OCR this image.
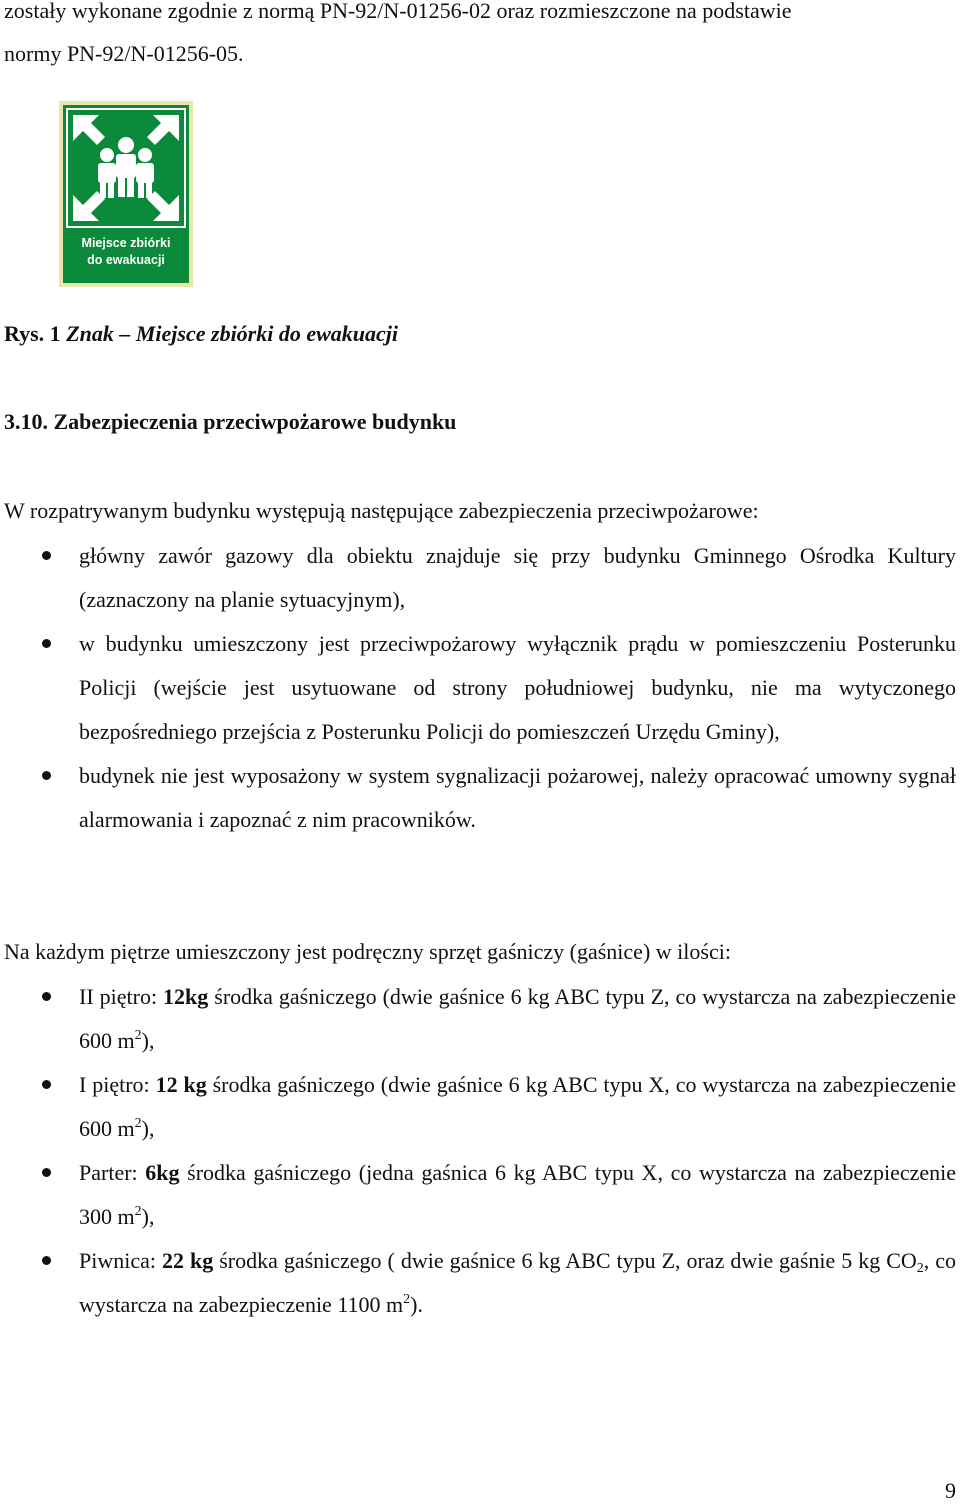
zostały wykonane zgodnie z normą PN-92/N-01256-02 oraz rozmieszczone na podstawie

normy PN-92/N-01256-05.

Miejsce zbiórki
do ewakuacji

Rys. 1 Znak – Miejsce zbiórki do ewakuacji

3.10. Zabezpieczenia przeciwpożarowe budynku

W rozpatrywanym budynku występują następujące zabezpieczenia przeciwpożarowe:

główny zawór gazowy dla obiektu znajduje się przy budynku Gminnego Ośrodka Kultury (zaznaczony na planie sytuacyjnym),
w budynku umieszczony jest przeciwpożarowy wyłącznik prądu w pomieszczeniu Posterunku Policji (wejście jest usytuowane od strony południowej budynku, nie ma wytyczonego bezpośredniego przejścia z Posterunku Policji do pomieszczeń Urzędu Gminy),
budynek nie jest wyposażony w system sygnalizacji pożarowej, należy opracować umowny sygnał alarmowania i zapoznać z nim pracowników.

Na każdym piętrze umieszczony jest podręczny sprzęt gaśniczy (gaśnice) w ilości:

II piętro: 12kg środka gaśniczego (dwie gaśnice 6 kg ABC typu Z, co wystarcza na zabezpieczenie 600 $m^2$),
I piętro: 12 kg środka gaśniczego (dwie gaśnice 6 kg ABC typu X, co wystarcza na zabezpieczenie 600 $m^2$),
Parter: 6kg środka gaśniczego (jedna gaśnica 6 kg ABC typu X, co wystarcza na zabezpieczenie 300 $m^2$),
Piwnica: 22 kg środka gaśniczego ( dwie gaśnice 6 kg ABC typu Z, oraz dwie gaśnie 5 kg $CO_2$, co wystarcza na zabezpieczenie 1100 $m^2$).
9
